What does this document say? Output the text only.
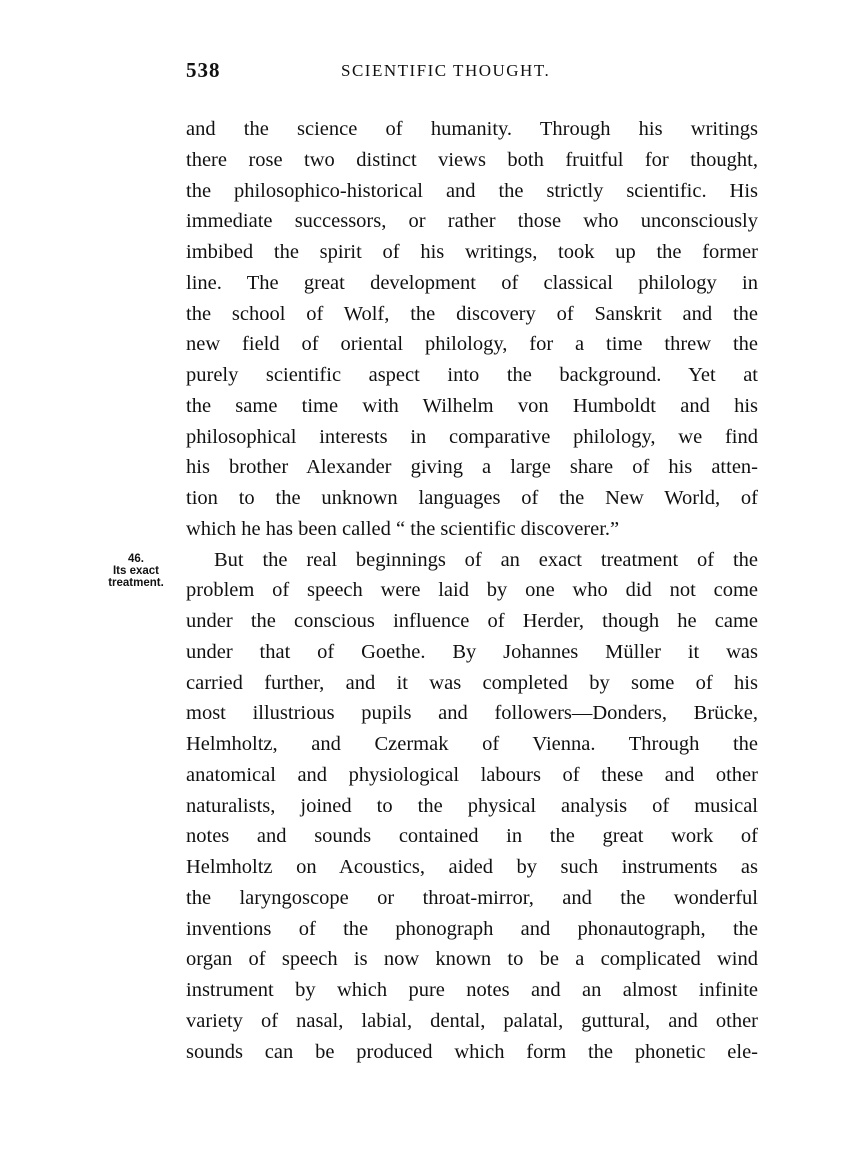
538	SCIENTIFIC THOUGHT.
46.
Its exact
treatment.
and the science of humanity. Through his writings
there rose two distinct views both fruitful for thought,
the philosophico-historical and the strictly scientific. His
immediate successors, or rather those who unconsciously
imbibed the spirit of his writings, took up the former
line. The great development of classical philology in
the school of Wolf, the discovery of Sanskrit and the
new field of oriental philology, for a time threw the
purely scientific aspect into the background. Yet at
the same time with Wilhelm von Humboldt and his
philosophical interests in comparative philology, we find
his brother Alexander giving a large share of his atten-
tion to the unknown languages of the New World, of
which he has been called “ the scientific discoverer.”
But the real beginnings of an exact treatment of the
problem of speech were laid by one who did not come
under the conscious influence of Herder, though he came
under that of Goethe. By Johannes Müller it was
carried further, and it was completed by some of his
most illustrious pupils and followers—Donders, Brücke,
Helmholtz, and Czermak of Vienna. Through the
anatomical and physiological labours of these and other
naturalists, joined to the physical analysis of musical
notes and sounds contained in the great work of
Helmholtz on Acoustics, aided by such instruments as
the laryngoscope or throat-mirror, and the wonderful
inventions of the phonograph and phonautograph, the
organ of speech is now known to be a complicated wind
instrument by which pure notes and an almost infinite
variety of nasal, labial, dental, palatal, guttural, and other
sounds can be produced which form the phonetic ele-
